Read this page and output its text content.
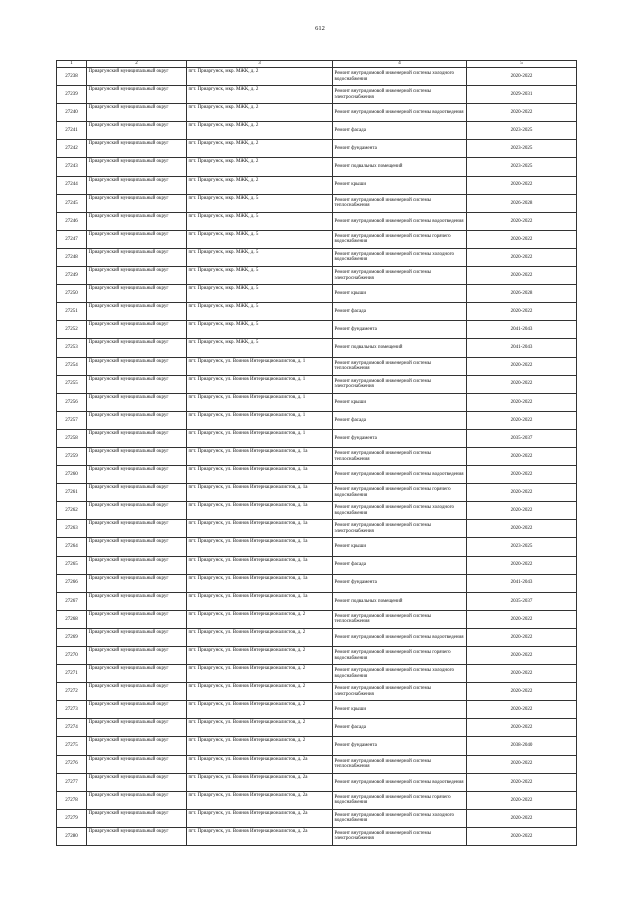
612
1	2	3	4	5
27238	Приаргунский муниципальный округ	пгт. Приаргунск, мкр. МЖК, д. 2	Ремонт внутридомовой инженерной системы холодного водоснабжения	2020-2022
27239	Приаргунский муниципальный округ	пгт. Приаргунск, мкр. МЖК, д. 2	Ремонт внутридомовой инженерной системы электроснабжения	2029-2031
27240	Приаргунский муниципальный округ	пгт. Приаргунск, мкр. МЖК, д. 2	Ремонт внутридомовой инженерной системы водоотведения	2020-2022
27241	Приаргунский муниципальный округ	пгт. Приаргунск, мкр. МЖК, д. 2	Ремонт фасада	2023-2025
27242	Приаргунский муниципальный округ	пгт. Приаргунск, мкр. МЖК, д. 2	Ремонт фундамента	2023-2025
27243	Приаргунский муниципальный округ	пгт. Приаргунск, мкр. МЖК, д. 2	Ремонт подвальных помещений	2023-2025
27244	Приаргунский муниципальный округ	пгт. Приаргунск, мкр. МЖК, д. 2	Ремонт крыши	2020-2022
27245	Приаргунский муниципальный округ	пгт. Приаргунск, мкр. МЖК, д. 5	Ремонт внутридомовой инженерной системы теплоснабжения	2026-2028
27246	Приаргунский муниципальный округ	пгт. Приаргунск, мкр. МЖК, д. 5	Ремонт внутридомовой инженерной системы водоотведения	2020-2022
27247	Приаргунский муниципальный округ	пгт. Приаргунск, мкр. МЖК, д. 5	Ремонт внутридомовой инженерной системы горячего водоснабжения	2020-2022
27248	Приаргунский муниципальный округ	пгт. Приаргунск, мкр. МЖК, д. 5	Ремонт внутридомовой инженерной системы холодного водоснабжения	2020-2022
27249	Приаргунский муниципальный округ	пгт. Приаргунск, мкр. МЖК, д. 5	Ремонт внутридомовой инженерной системы электроснабжения	2020-2022
27250	Приаргунский муниципальный округ	пгт. Приаргунск, мкр. МЖК, д. 5	Ремонт крыши	2026-2028
27251	Приаргунский муниципальный округ	пгт. Приаргунск, мкр. МЖК, д. 5	Ремонт фасада	2020-2022
27252	Приаргунский муниципальный округ	пгт. Приаргунск, мкр. МЖК, д. 5	Ремонт фундамента	2041-2043
27253	Приаргунский муниципальный округ	пгт. Приаргунск, мкр. МЖК, д. 5	Ремонт подвальных помещений	2041-2043
27254	Приаргунский муниципальный округ	пгт. Приаргунск, ул. Воинов Интернационалистов, д. 1	Ремонт внутридомовой инженерной системы теплоснабжения	2020-2022
27255	Приаргунский муниципальный округ	пгт. Приаргунск, ул. Воинов Интернационалистов, д. 1	Ремонт внутридомовой инженерной системы электроснабжения	2020-2022
27256	Приаргунский муниципальный округ	пгт. Приаргунск, ул. Воинов Интернационалистов, д. 1	Ремонт крыши	2020-2022
27257	Приаргунский муниципальный округ	пгт. Приаргунск, ул. Воинов Интернационалистов, д. 1	Ремонт фасада	2020-2022
27258	Приаргунский муниципальный округ	пгт. Приаргунск, ул. Воинов Интернационалистов, д. 1	Ремонт фундамента	2035-2037
27259	Приаргунский муниципальный округ	пгт. Приаргунск, ул. Воинов Интернационалистов, д. 1а	Ремонт внутридомовой инженерной системы теплоснабжения	2020-2022
27260	Приаргунский муниципальный округ	пгт. Приаргунск, ул. Воинов Интернационалистов, д. 1а	Ремонт внутридомовой инженерной системы водоотведения	2020-2022
27261	Приаргунский муниципальный округ	пгт. Приаргунск, ул. Воинов Интернационалистов, д. 1а	Ремонт внутридомовой инженерной системы горячего водоснабжения	2020-2022
27262	Приаргунский муниципальный округ	пгт. Приаргунск, ул. Воинов Интернационалистов, д. 1а	Ремонт внутридомовой инженерной системы холодного водоснабжения	2020-2022
27263	Приаргунский муниципальный округ	пгт. Приаргунск, ул. Воинов Интернационалистов, д. 1а	Ремонт внутридомовой инженерной системы электроснабжения	2020-2022
27264	Приаргунский муниципальный округ	пгт. Приаргунск, ул. Воинов Интернационалистов, д. 1а	Ремонт крыши	2023-2025
27265	Приаргунский муниципальный округ	пгт. Приаргунск, ул. Воинов Интернационалистов, д. 1а	Ремонт фасада	2020-2022
27266	Приаргунский муниципальный округ	пгт. Приаргунск, ул. Воинов Интернационалистов, д. 1а	Ремонт фундамента	2041-2043
27267	Приаргунский муниципальный округ	пгт. Приаргунск, ул. Воинов Интернационалистов, д. 1а	Ремонт подвальных помещений	2035-2037
27268	Приаргунский муниципальный округ	пгт. Приаргунск, ул. Воинов Интернационалистов, д. 2	Ремонт внутридомовой инженерной системы теплоснабжения	2020-2022
27269	Приаргунский муниципальный округ	пгт. Приаргунск, ул. Воинов Интернационалистов, д. 2	Ремонт внутридомовой инженерной системы водоотведения	2020-2022
27270	Приаргунский муниципальный округ	пгт. Приаргунск, ул. Воинов Интернационалистов, д. 2	Ремонт внутридомовой инженерной системы горячего водоснабжения	2020-2022
27271	Приаргунский муниципальный округ	пгт. Приаргунск, ул. Воинов Интернационалистов, д. 2	Ремонт внутридомовой инженерной системы холодного водоснабжения	2020-2022
27272	Приаргунский муниципальный округ	пгт. Приаргунск, ул. Воинов Интернационалистов, д. 2	Ремонт внутридомовой инженерной системы электроснабжения	2020-2022
27273	Приаргунский муниципальный округ	пгт. Приаргунск, ул. Воинов Интернационалистов, д. 2	Ремонт крыши	2020-2022
27274	Приаргунский муниципальный округ	пгт. Приаргунск, ул. Воинов Интернационалистов, д. 2	Ремонт фасада	2020-2022
27275	Приаргунский муниципальный округ	пгт. Приаргунск, ул. Воинов Интернационалистов, д. 2	Ремонт фундамента	2038-2040
27276	Приаргунский муниципальный округ	пгт. Приаргунск, ул. Воинов Интернационалистов, д. 2а	Ремонт внутридомовой инженерной системы теплоснабжения	2020-2022
27277	Приаргунский муниципальный округ	пгт. Приаргунск, ул. Воинов Интернационалистов, д. 2а	Ремонт внутридомовой инженерной системы водоотведения	2020-2022
27278	Приаргунский муниципальный округ	пгт. Приаргунск, ул. Воинов Интернационалистов, д. 2а	Ремонт внутридомовой инженерной системы горячего водоснабжения	2020-2022
27279	Приаргунский муниципальный округ	пгт. Приаргунск, ул. Воинов Интернационалистов, д. 2а	Ремонт внутридомовой инженерной системы холодного водоснабжения	2020-2022
27280	Приаргунский муниципальный округ	пгт. Приаргунск, ул. Воинов Интернационалистов, д. 2а	Ремонт внутридомовой инженерной системы электроснабжения	2020-2022
